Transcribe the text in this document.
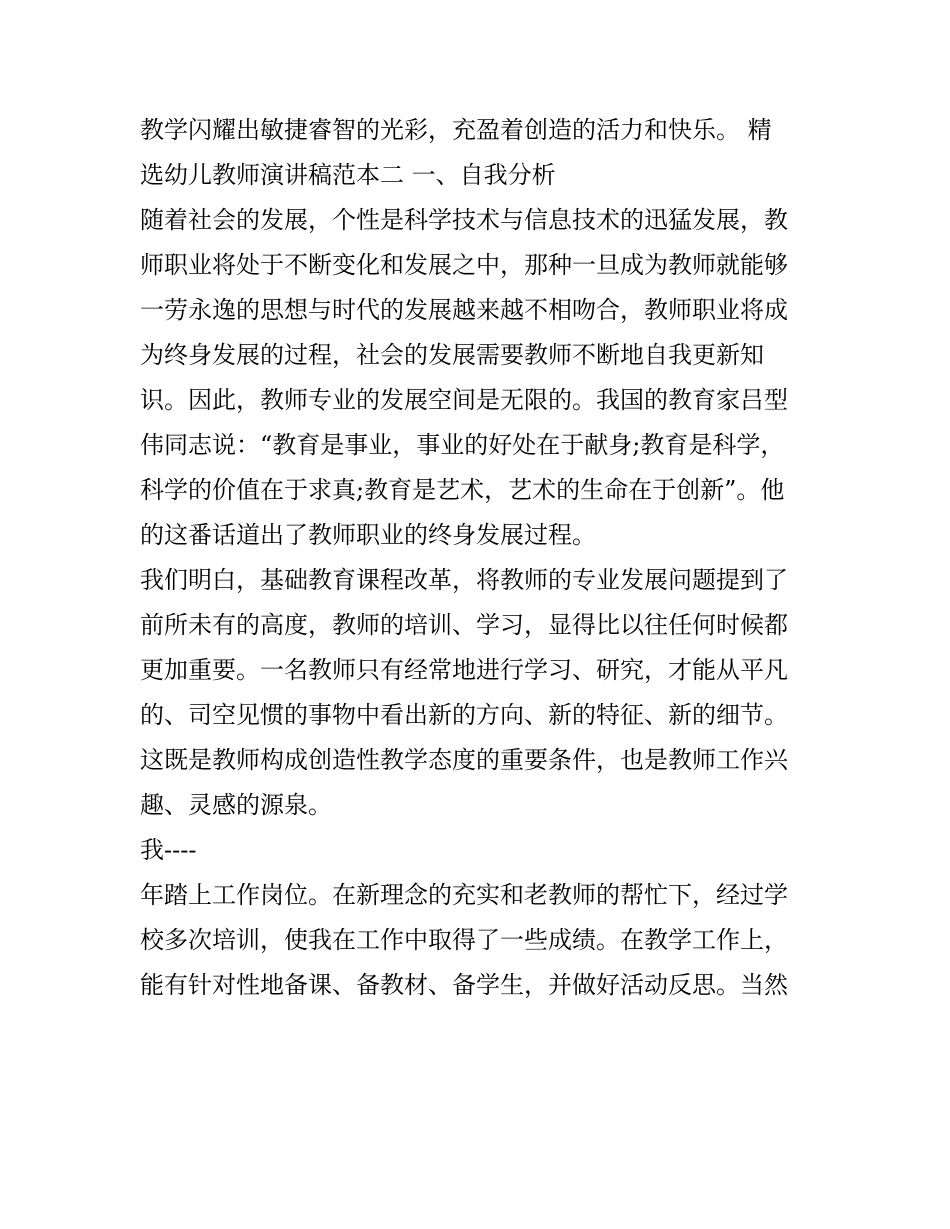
教学闪耀出敏捷睿智的光彩，充盈着创造的活力和快乐。 精
选幼儿教师演讲稿范本二 一、自我分析
随着社会的发展，个性是科学技术与信息技术的迅猛发展，教
师职业将处于不断变化和发展之中，那种一旦成为教师就能够
一劳永逸的思想与时代的发展越来越不相吻合，教师职业将成
为终身发展的过程，社会的发展需要教师不断地自我更新知
识。因此，教师专业的发展空间是无限的。我国的教育家吕型
伟同志说：“教育是事业，事业的好处在于献身;教育是科学，
科学的价值在于求真;教育是艺术，艺术的生命在于创新”。他
的这番话道出了教师职业的终身发展过程。
我们明白，基础教育课程改革，将教师的专业发展问题提到了
前所未有的高度，教师的培训、学习，显得比以往任何时候都
更加重要。一名教师只有经常地进行学习、研究，才能从平凡
的、司空见惯的事物中看出新的方向、新的特征、新的细节。
这既是教师构成创造性教学态度的重要条件，也是教师工作兴
趣、灵感的源泉。
我----
年踏上工作岗位。在新理念的充实和老教师的帮忙下，经过学
校多次培训，使我在工作中取得了一些成绩。在教学工作上，
能有针对性地备课、备教材、备学生，并做好活动反思。当然
